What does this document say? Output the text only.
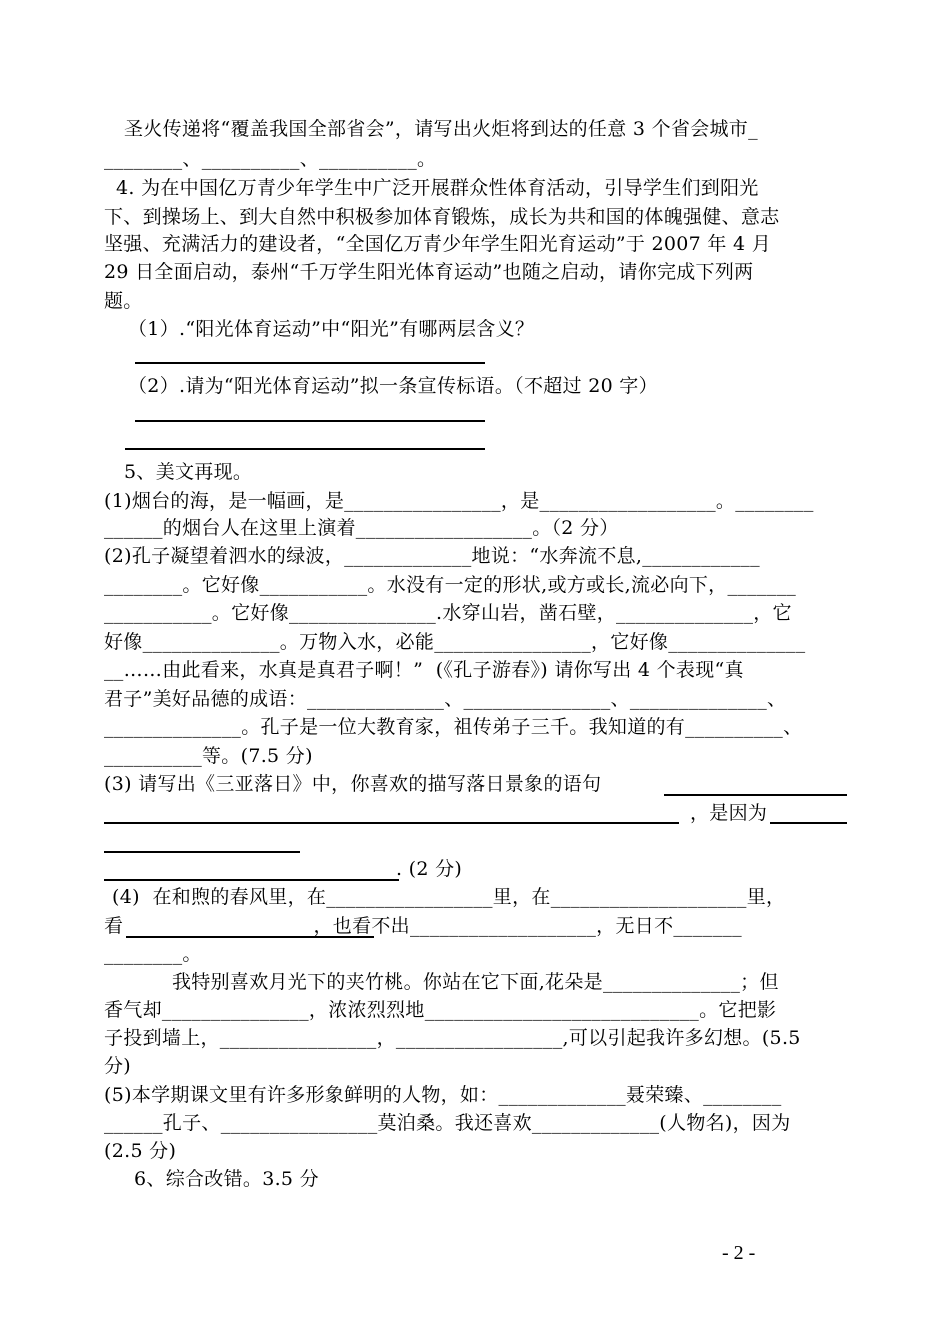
圣火传递将“覆盖我国全部省会”，请写出火炬将到达的任意 3 个省会城市_
________、__________、__________。
4. 为在中国亿万青少年学生中广泛开展群众性体育活动，引导学生们到阳光
下、到操场上、到大自然中积极参加体育锻炼，成长为共和国的体魄强健、意志
坚强、充满活力的建设者，“全国亿万青少年学生阳光育运动”于 2007 年 4 月
29 日全面启动，泰州“千万学生阳光体育运动”也随之启动，请你完成下列两
题。
（1）.“阳光体育运动”中“阳光”有哪两层含义？
（2）.请为“阳光体育运动”拟一条宣传标语。（不超过 20 字）
5、美文再现。
(1)烟台的海，是一幅画，是________________，是__________________。________
______的烟台人在这里上演着__________________。（2 分）
(2)孔子凝望着泗水的绿波，_____________地说：“水奔流不息,____________
________。它好像___________。水没有一定的形状,或方或长,流必向下，_______
___________。它好像_______________.水穿山岩，凿石壁，______________，它
好像______________。万物入水，必能________________，它好像______________
__……由此看来，水真是真君子啊！”  (《孔子游春》) 请你写出 4 个表现“真
君子”美好品德的成语：______________、_______________、______________、
______________。孔子是一位大教育家，祖传弟子三千。我知道的有__________、
__________等。(7.5 分)
(3) 请写出《三亚落日》中，你喜欢的描写落日景象的语句
，是因为
. (2 分)
(4)  在和煦的春风里，在_________________里，在____________________里，
看                              ，也看不出___________________，无日不_______
________。
我特别喜欢月光下的夹竹桃。你站在它下面,花朵是______________；但
香气却_______________，浓浓烈烈地____________________________。它把影
子投到墙上，________________，_________________,可以引起我许多幻想。(5.5
分)
(5)本学期课文里有许多形象鲜明的人物，如：_____________聂荣臻、________
______孔子、________________莫泊桑。我还喜欢_____________(人物名)，因为
(2.5 分)
6、综合改错。3.5 分
- 2 -
